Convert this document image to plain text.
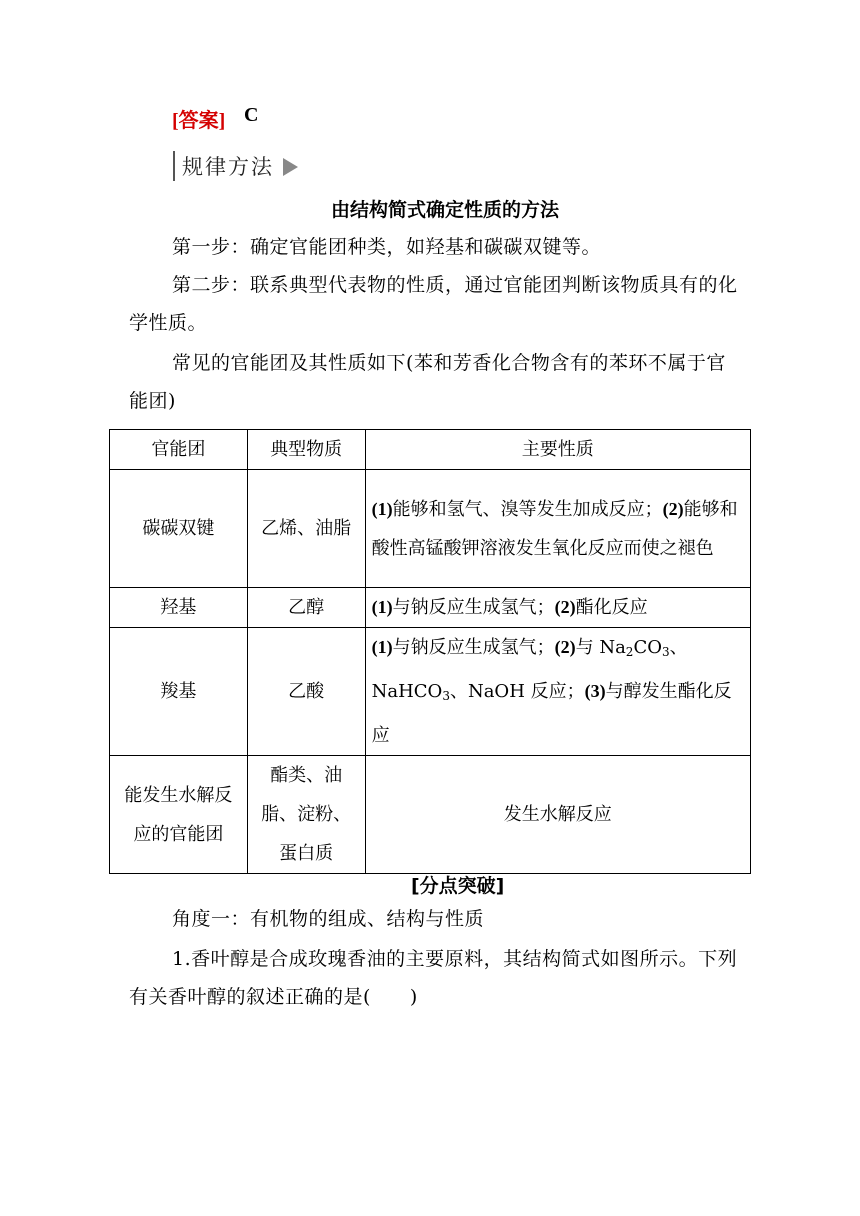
[答案] C
规律方法
由结构简式确定性质的方法
第一步：确定官能团种类，如羟基和碳碳双键等。
第二步：联系典型代表物的性质，通过官能团判断该物质具有的化学性质。
常见的官能团及其性质如下(苯和芳香化合物含有的苯环不属于官能团)
官能团	典型物质	主要性质
碳碳双键	乙烯、油脂	(1)能够和氢气、溴等发生加成反应；(2)能够和酸性高锰酸钾溶液发生氧化反应而使之褪色
羟基	乙醇	(1)与钠反应生成氢气；(2)酯化反应
羧基	乙酸	(1)与钠反应生成氢气；(2)与 $Na_2CO_3$、NaHCO$_3$、NaOH 反应；(3)与醇发生酯化反应
能发生水解反应的官能团	酯类、油脂、淀粉、蛋白质	发生水解反应
[分点突破]
角度一：有机物的组成、结构与性质
1.香叶醇是合成玫瑰香油的主要原料，其结构简式如图所示。下列有关香叶醇的叙述正确的是(　　)
